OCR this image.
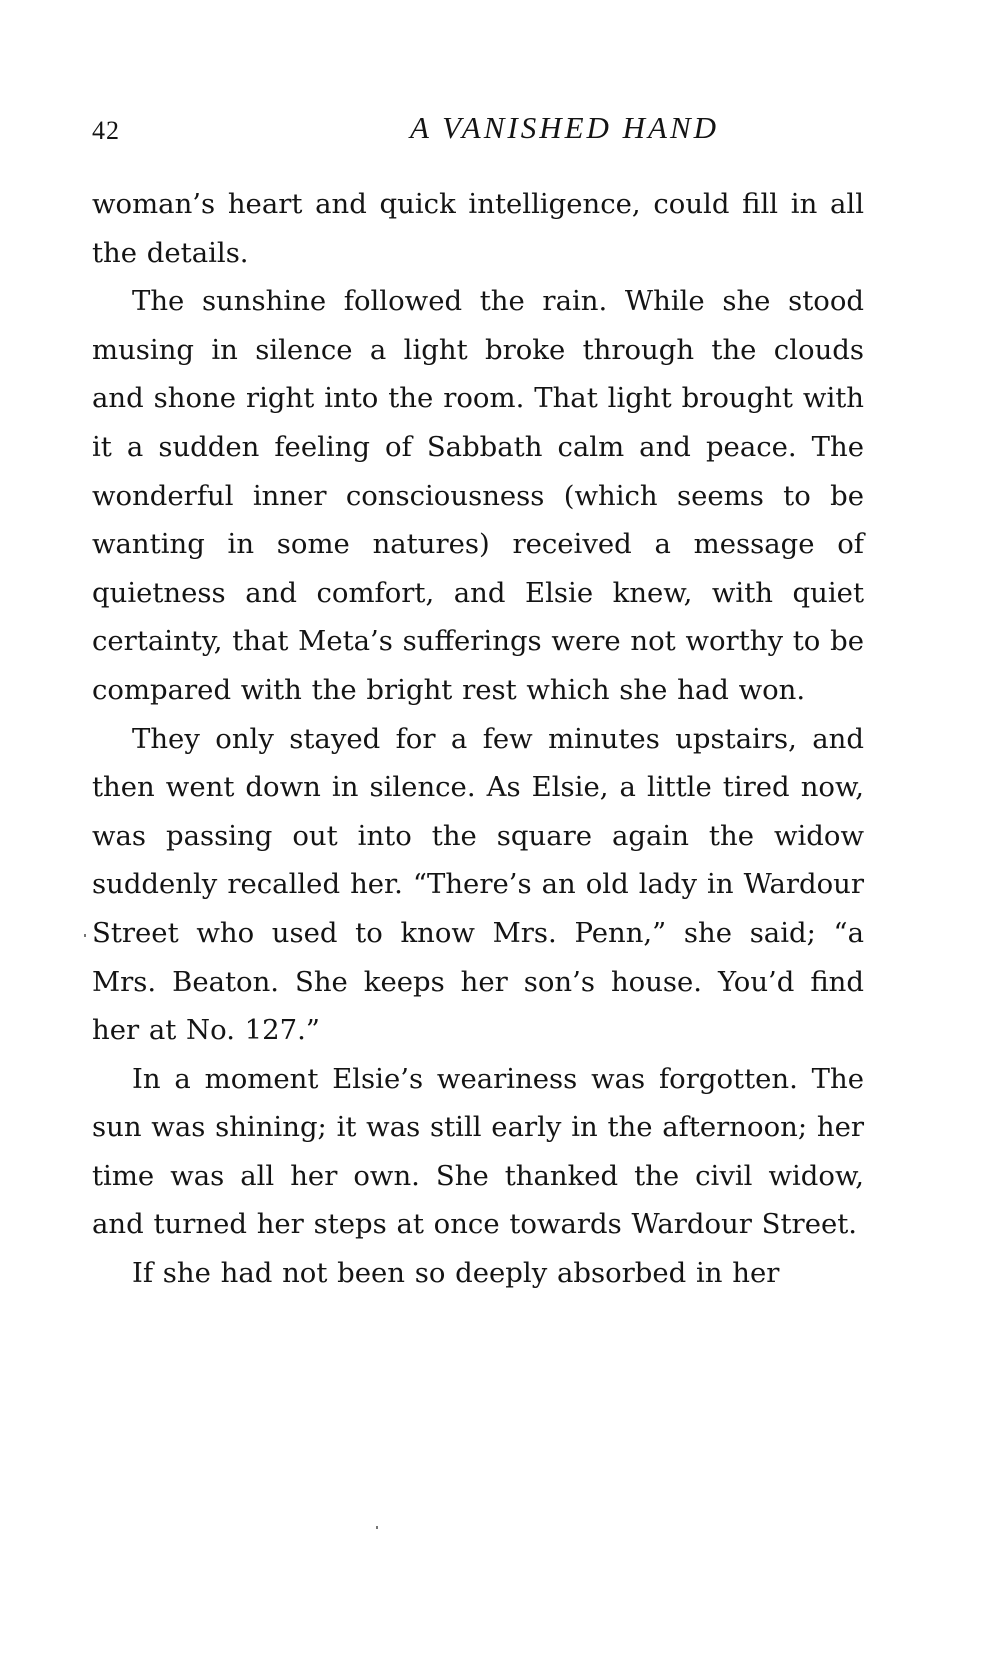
42	A VANISHED HAND

woman’s heart and quick intelligence, could fill in all the details.

The sunshine followed the rain. While she stood musing in silence a light broke through the clouds and shone right into the room. That light brought with it a sudden feeling of Sabbath calm and peace. The wonderful inner consciousness (which seems to be wanting in some natures) received a message of quietness and comfort, and Elsie knew, with quiet certainty, that Meta’s sufferings were not worthy to be compared with the bright rest which she had won.

They only stayed for a few minutes upstairs, and then went down in silence. As Elsie, a little tired now, was passing out into the square again the widow suddenly recalled her. “There’s an old lady in Wardour Street who used to know Mrs. Penn,” she said; “a Mrs. Beaton. She keeps her son’s house. You’d find her at No. 127.”

In a moment Elsie’s weariness was forgotten. The sun was shining; it was still early in the afternoon; her time was all her own. She thanked the civil widow, and turned her steps at once towards Wardour Street.

If she had not been so deeply absorbed in her
